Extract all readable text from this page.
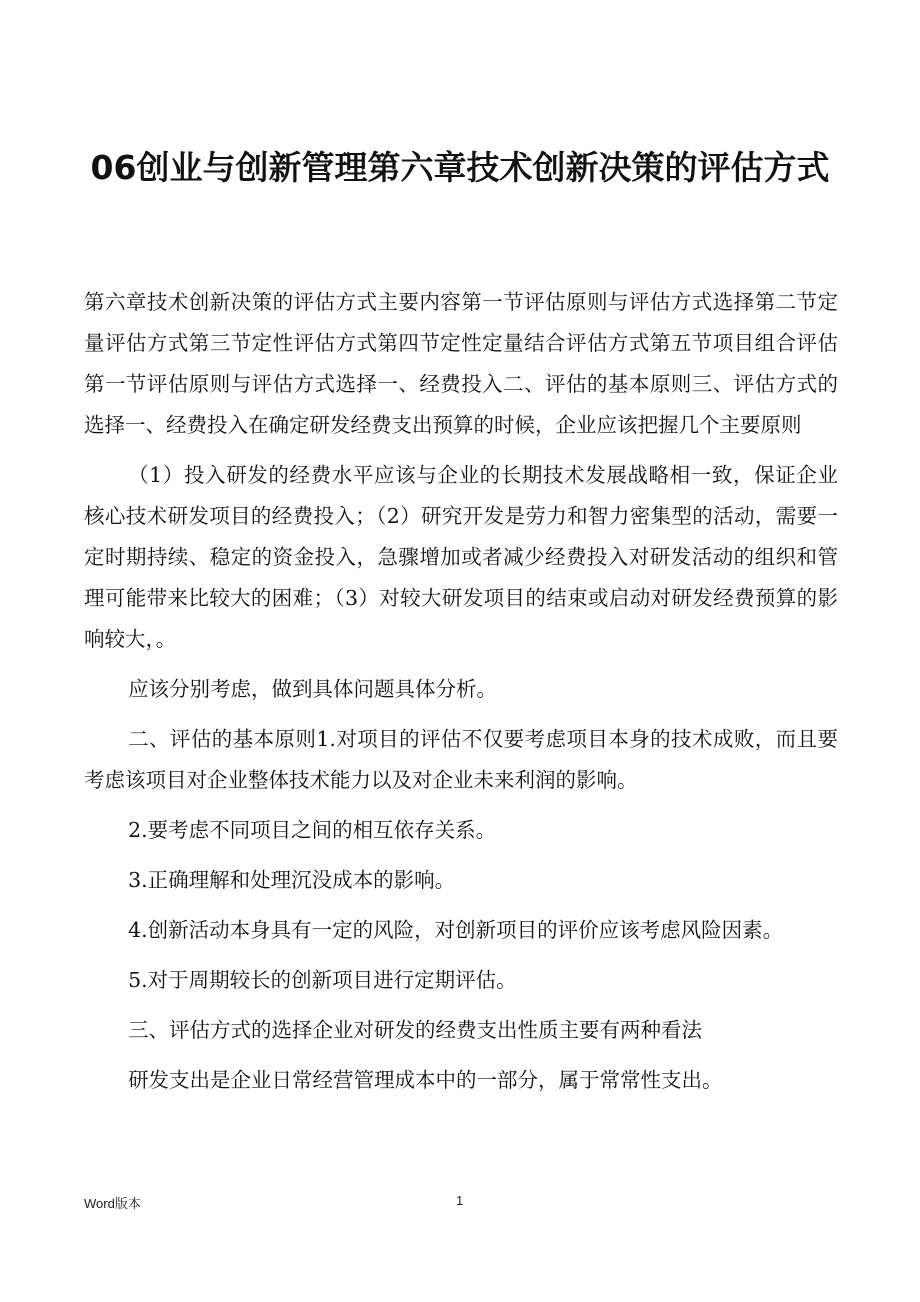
06创业与创新管理第六章技术创新决策的评估方式

第六章技术创新决策的评估方式主要内容第一节评估原则与评估方式选择第二节定量评估方式第三节定性评估方式第四节定性定量结合评估方式第五节项目组合评估第一节评估原则与评估方式选择一、经费投入二、评估的基本原则三、评估方式的选择一、经费投入在确定研发经费支出预算的时候，企业应该把握几个主要原则

（1）投入研发的经费水平应该与企业的长期技术发展战略相一致，保证企业核心技术研发项目的经费投入；（2）研究开发是劳力和智力密集型的活动，需要一定时期持续、稳定的资金投入，急骤增加或者减少经费投入对研发活动的组织和管理可能带来比较大的困难；（3）对较大研发项目的结束或启动对研发经费预算的影响较大，。

应该分别考虑，做到具体问题具体分析。

二、评估的基本原则1.对项目的评估不仅要考虑项目本身的技术成败，而且要考虑该项目对企业整体技术能力以及对企业未来利润的影响。

2.要考虑不同项目之间的相互依存关系。

3.正确理解和处理沉没成本的影响。

4.创新活动本身具有一定的风险，对创新项目的评价应该考虑风险因素。

5.对于周期较长的创新项目进行定期评估。

三、评估方式的选择企业对研发的经费支出性质主要有两种看法

研发支出是企业日常经营管理成本中的一部分，属于常常性支出。

Word版本	1
